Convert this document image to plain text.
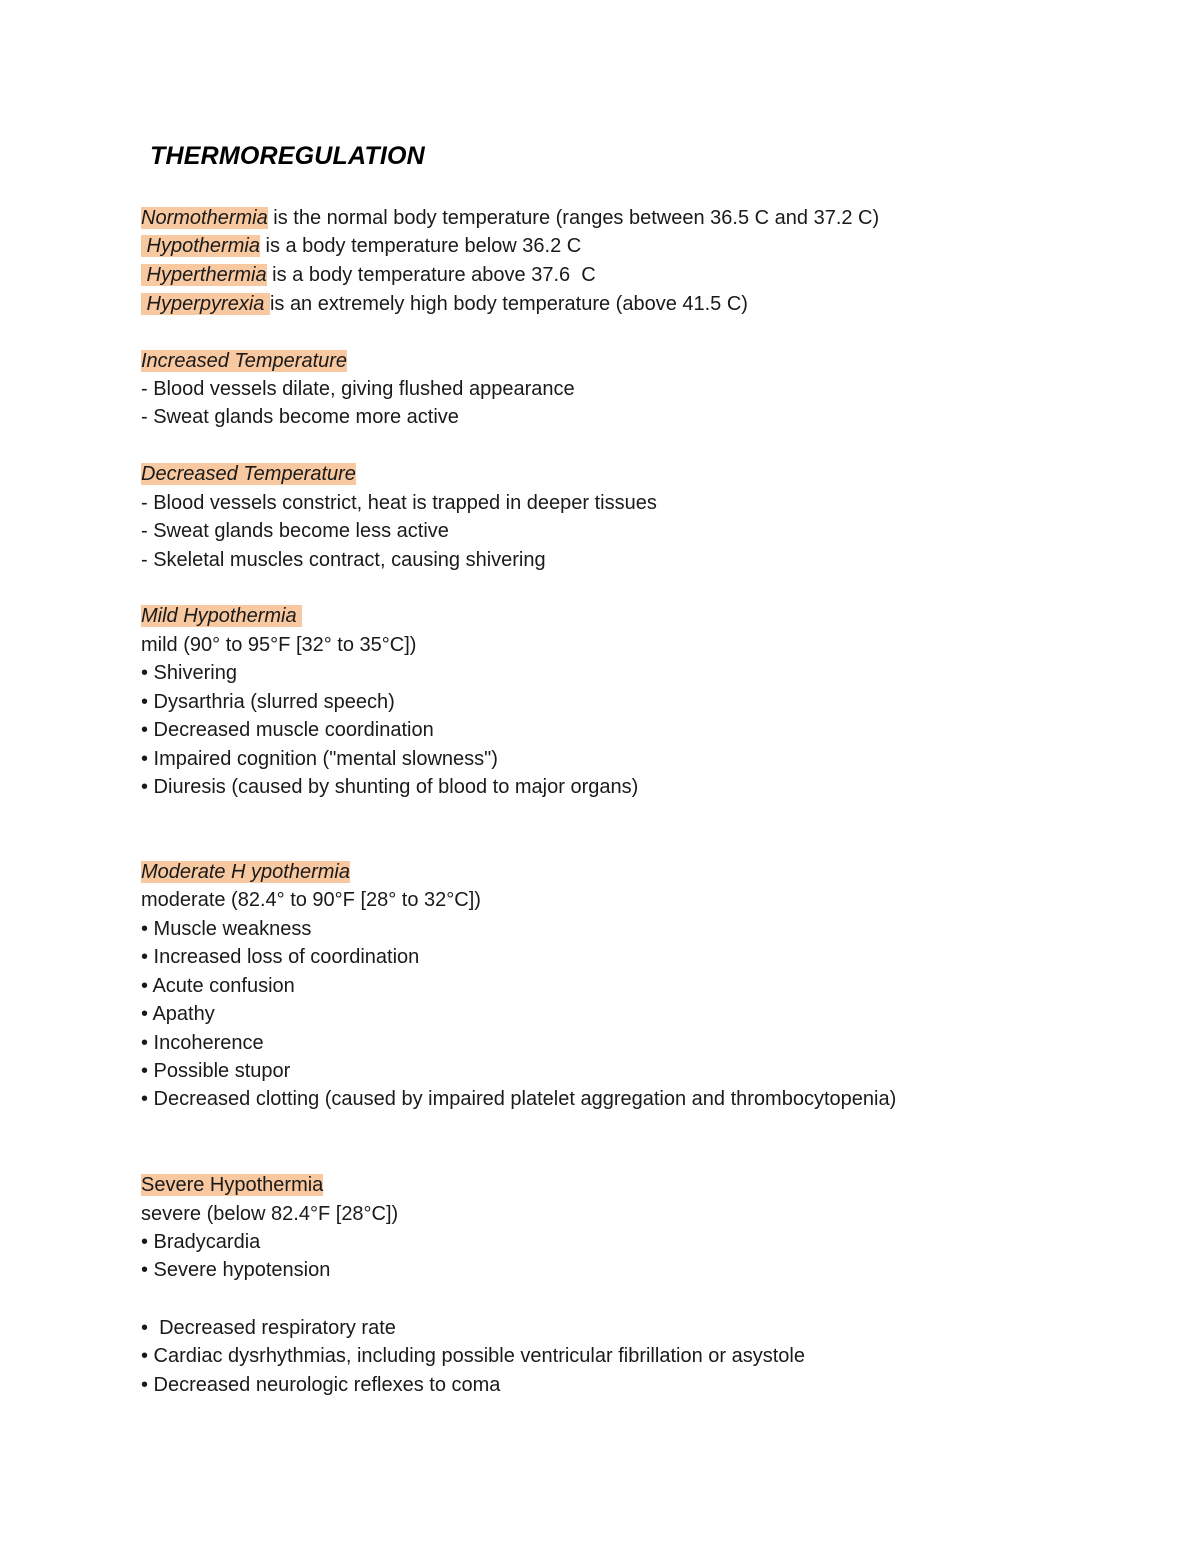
THERMOREGULATION
Normothermia is the normal body temperature (ranges between 36.5 C and 37.2 C)
Hypothermia is a body temperature below 36.2 C
Hyperthermia is a body temperature above 37.6  C
Hyperpyrexia is an extremely high body temperature (above 41.5 C)
Increased Temperature
- Blood vessels dilate, giving flushed appearance
- Sweat glands become more active
Decreased Temperature
- Blood vessels constrict, heat is trapped in deeper tissues
- Sweat glands become less active
- Skeletal muscles contract, causing shivering
Mild Hypothermia
mild (90° to 95°F [32° to 35°C])
• Shivering
• Dysarthria (slurred speech)
• Decreased muscle coordination
• Impaired cognition ("mental slowness")
• Diuresis (caused by shunting of blood to major organs)
Moderate H ypothermia
moderate (82.4° to 90°F [28° to 32°C])
• Muscle weakness
• Increased loss of coordination
• Acute confusion
• Apathy
• Incoherence
• Possible stupor
• Decreased clotting (caused by impaired platelet aggregation and thrombocytopenia)
Severe Hypothermia
severe (below 82.4°F [28°C])
• Bradycardia
• Severe hypotension
•  Decreased respiratory rate
• Cardiac dysrhythmias, including possible ventricular fibrillation or asystole
• Decreased neurologic reflexes to coma
